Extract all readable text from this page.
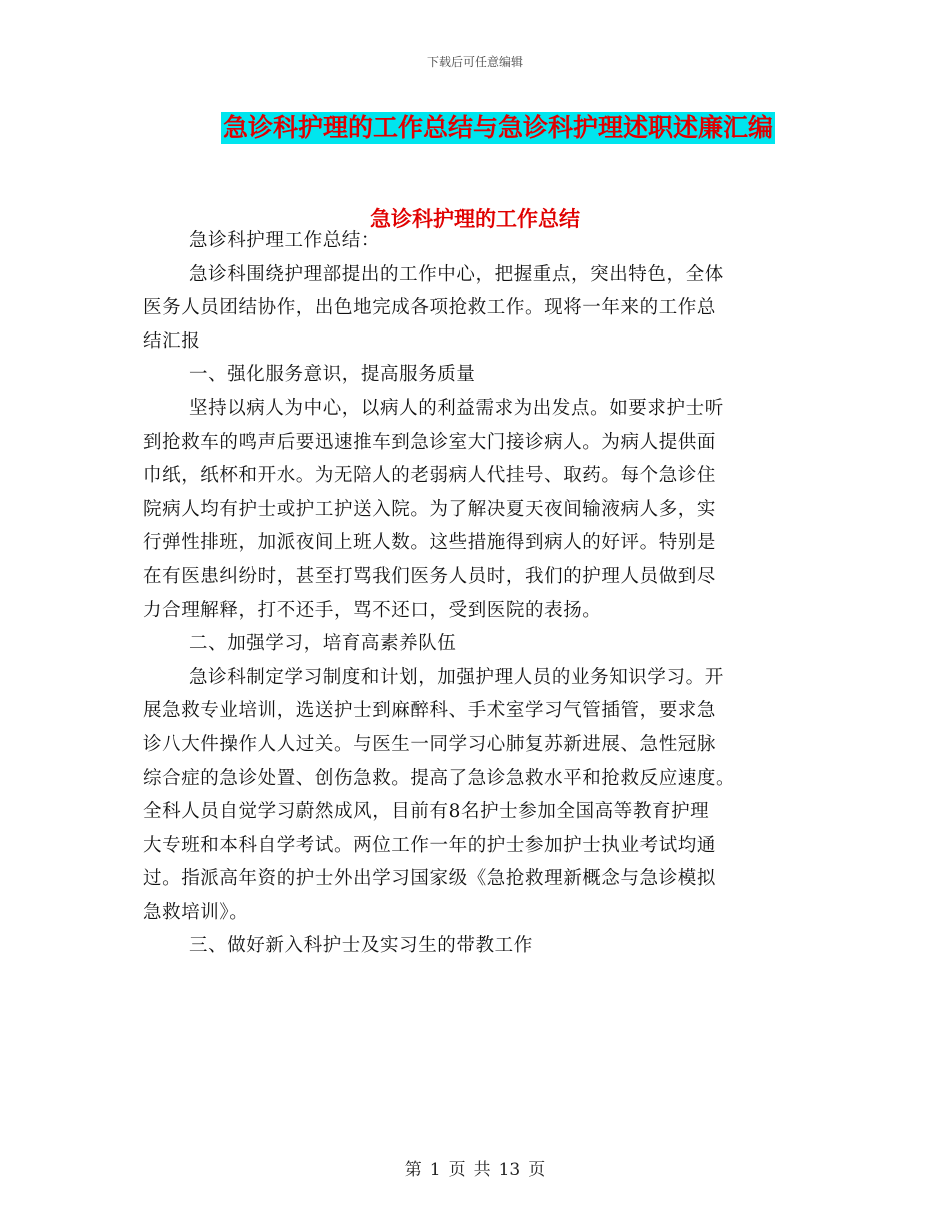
下载后可任意编辑
急诊科护理的工作总结与急诊科护理述职述廉汇编
急诊科护理的工作总结
急诊科护理工作总结：
急诊科围绕护理部提出的工作中心，把握重点，突出特色，全体
医务人员团结协作，出色地完成各项抢救工作。现将一年来的工作总
结汇报
一、强化服务意识，提高服务质量
坚持以病人为中心，以病人的利益需求为出发点。如要求护士听
到抢救车的鸣声后要迅速推车到急诊室大门接诊病人。为病人提供面
巾纸，纸杯和开水。为无陪人的老弱病人代挂号、取药。每个急诊住
院病人均有护士或护工护送入院。为了解决夏天夜间输液病人多，实
行弹性排班，加派夜间上班人数。这些措施得到病人的好评。特别是
在有医患纠纷时，甚至打骂我们医务人员时，我们的护理人员做到尽
力合理解释，打不还手，骂不还口，受到医院的表扬。
二、加强学习，培育高素养队伍
急诊科制定学习制度和计划，加强护理人员的业务知识学习。开
展急救专业培训，选送护士到麻醉科、手术室学习气管插管，要求急
诊八大件操作人人过关。与医生一同学习心肺复苏新进展、急性冠脉
综合症的急诊处置、创伤急救。提高了急诊急救水平和抢救反应速度。
全科人员自觉学习蔚然成风，目前有8名护士参加全国高等教育护理
大专班和本科自学考试。两位工作一年的护士参加护士执业考试均通
过。指派高年资的护士外出学习国家级《急抢救理新概念与急诊模拟
急救培训》。
三、做好新入科护士及实习生的带教工作
第 1 页 共 13 页
